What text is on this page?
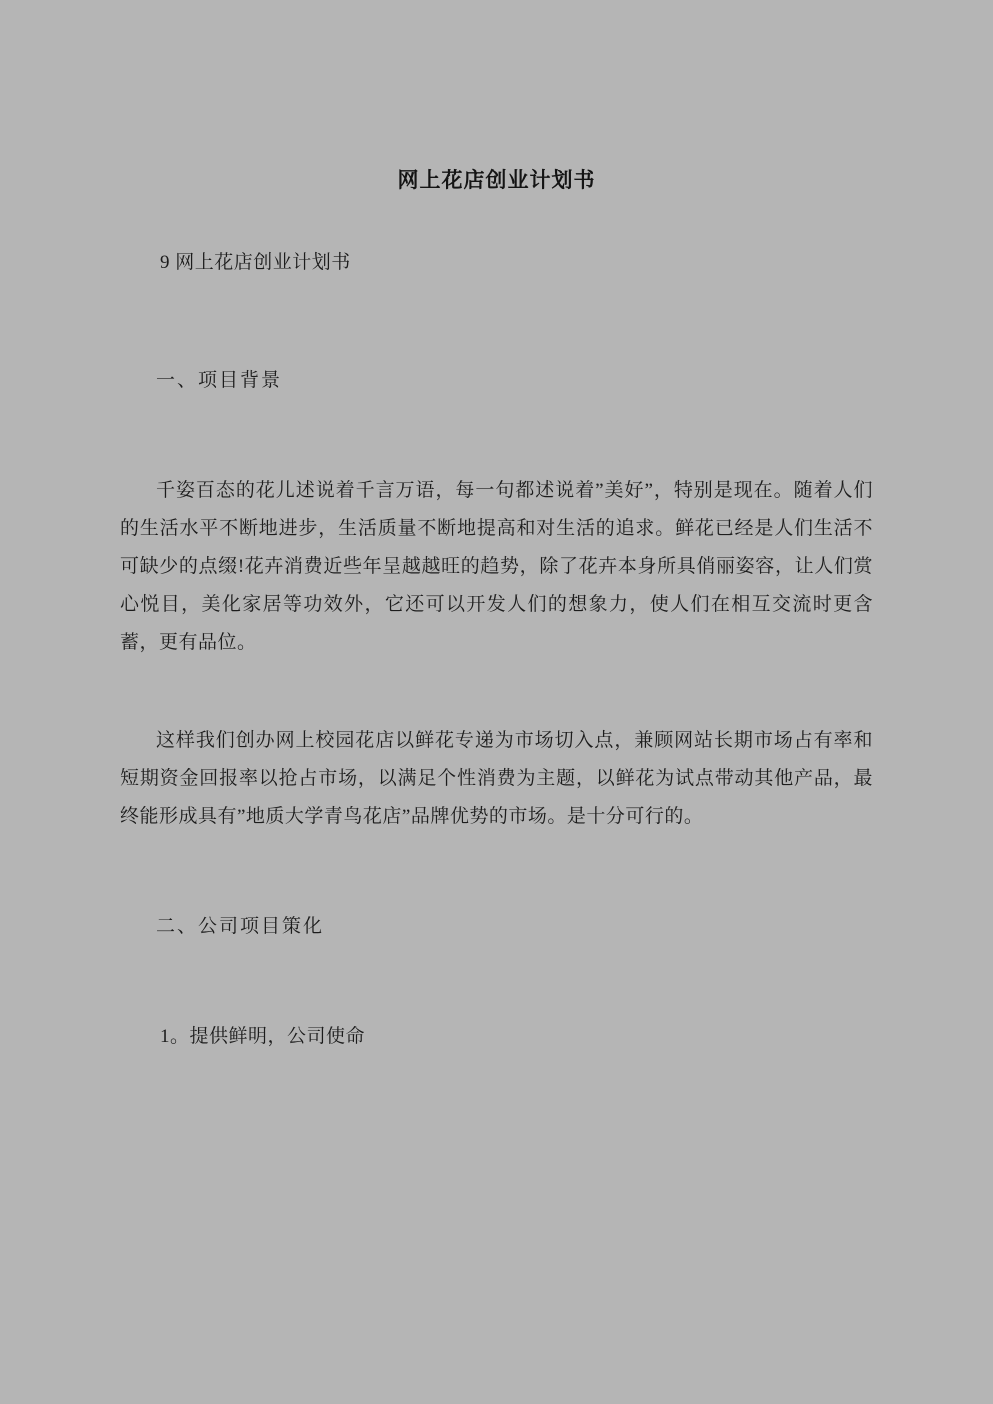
网上花店创业计划书

9 网上花店创业计划书

一、项目背景

千姿百态的花儿述说着千言万语，每一句都述说着”美好”，特别是现在。随着人们的生活水平不断地进步，生活质量不断地提高和对生活的追求。鲜花已经是人们生活不可缺少的点缀!花卉消费近些年呈越越旺的趋势，除了花卉本身所具俏丽姿容，让人们赏心悦目，美化家居等功效外，它还可以开发人们的想象力，使人们在相互交流时更含蓄，更有品位。

这样我们创办网上校园花店以鲜花专递为市场切入点，兼顾网站长期市场占有率和短期资金回报率以抢占市场，以满足个性消费为主题，以鲜花为试点带动其他产品，最终能形成具有”地质大学青鸟花店”品牌优势的市场。是十分可行的。

二、公司项目策化

1。提供鲜明，公司使命
